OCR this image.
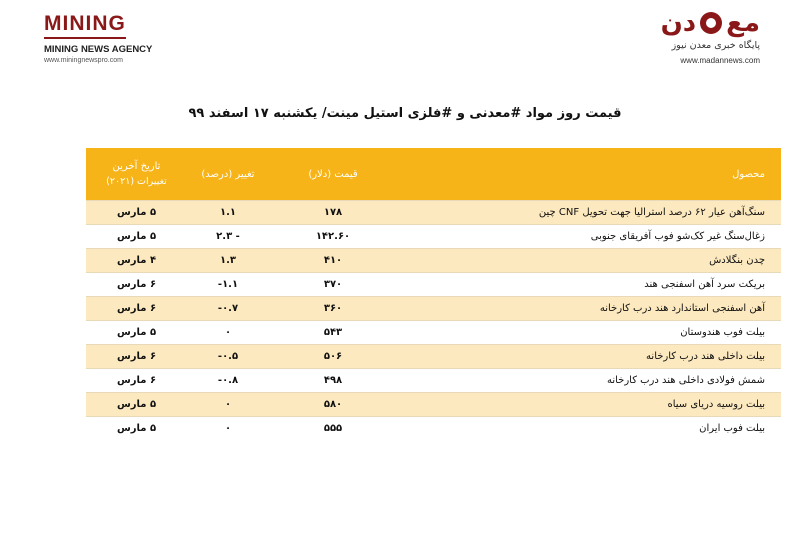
MINING
MINING NEWS AGENCY
www.miningnewspro.com
مع
دن
پایگاه خبری معدن نیوز
www.madannews.com
قیمت روز مواد #معدنی و #فلزی استیل مینت/ یکشنبه ۱۷ اسفند ۹۹
محصول	قیمت (دلار)	تغییر (درصد)	تاریخ آخرین
تغییرات (۲۰۲۱)

سنگ‌آهن عیار ۶۲ درصد استرالیا جهت تحویل CNF چین	۱۷۸	۱.۱	۵ مارس
زغال‌سنگ غیر کک‌شو فوب آفریقای جنوبی	۱۴۲.۶۰	۲.۳ -	۵ مارس
چدن بنگلادش	۴۱۰	۱.۳	۴ مارس
بریکت سرد آهن اسفنجی هند	۳۷۰	-۱.۱	۶ مارس
آهن اسفنجی استاندارد هند درب کارخانه	۳۶۰	-۰.۷	۶ مارس
بیلت فوب هندوستان	۵۴۳	۰	۵ مارس
بیلت داخلی هند درب کارخانه	۵۰۶	-۰.۵	۶ مارس
شمش فولادی داخلی هند درب کارخانه	۴۹۸	-۰.۸	۶ مارس
بیلت روسیه دریای سیاه	۵۸۰	۰	۵ مارس
بیلت فوب ایران	۵۵۵	۰	۵ مارس
